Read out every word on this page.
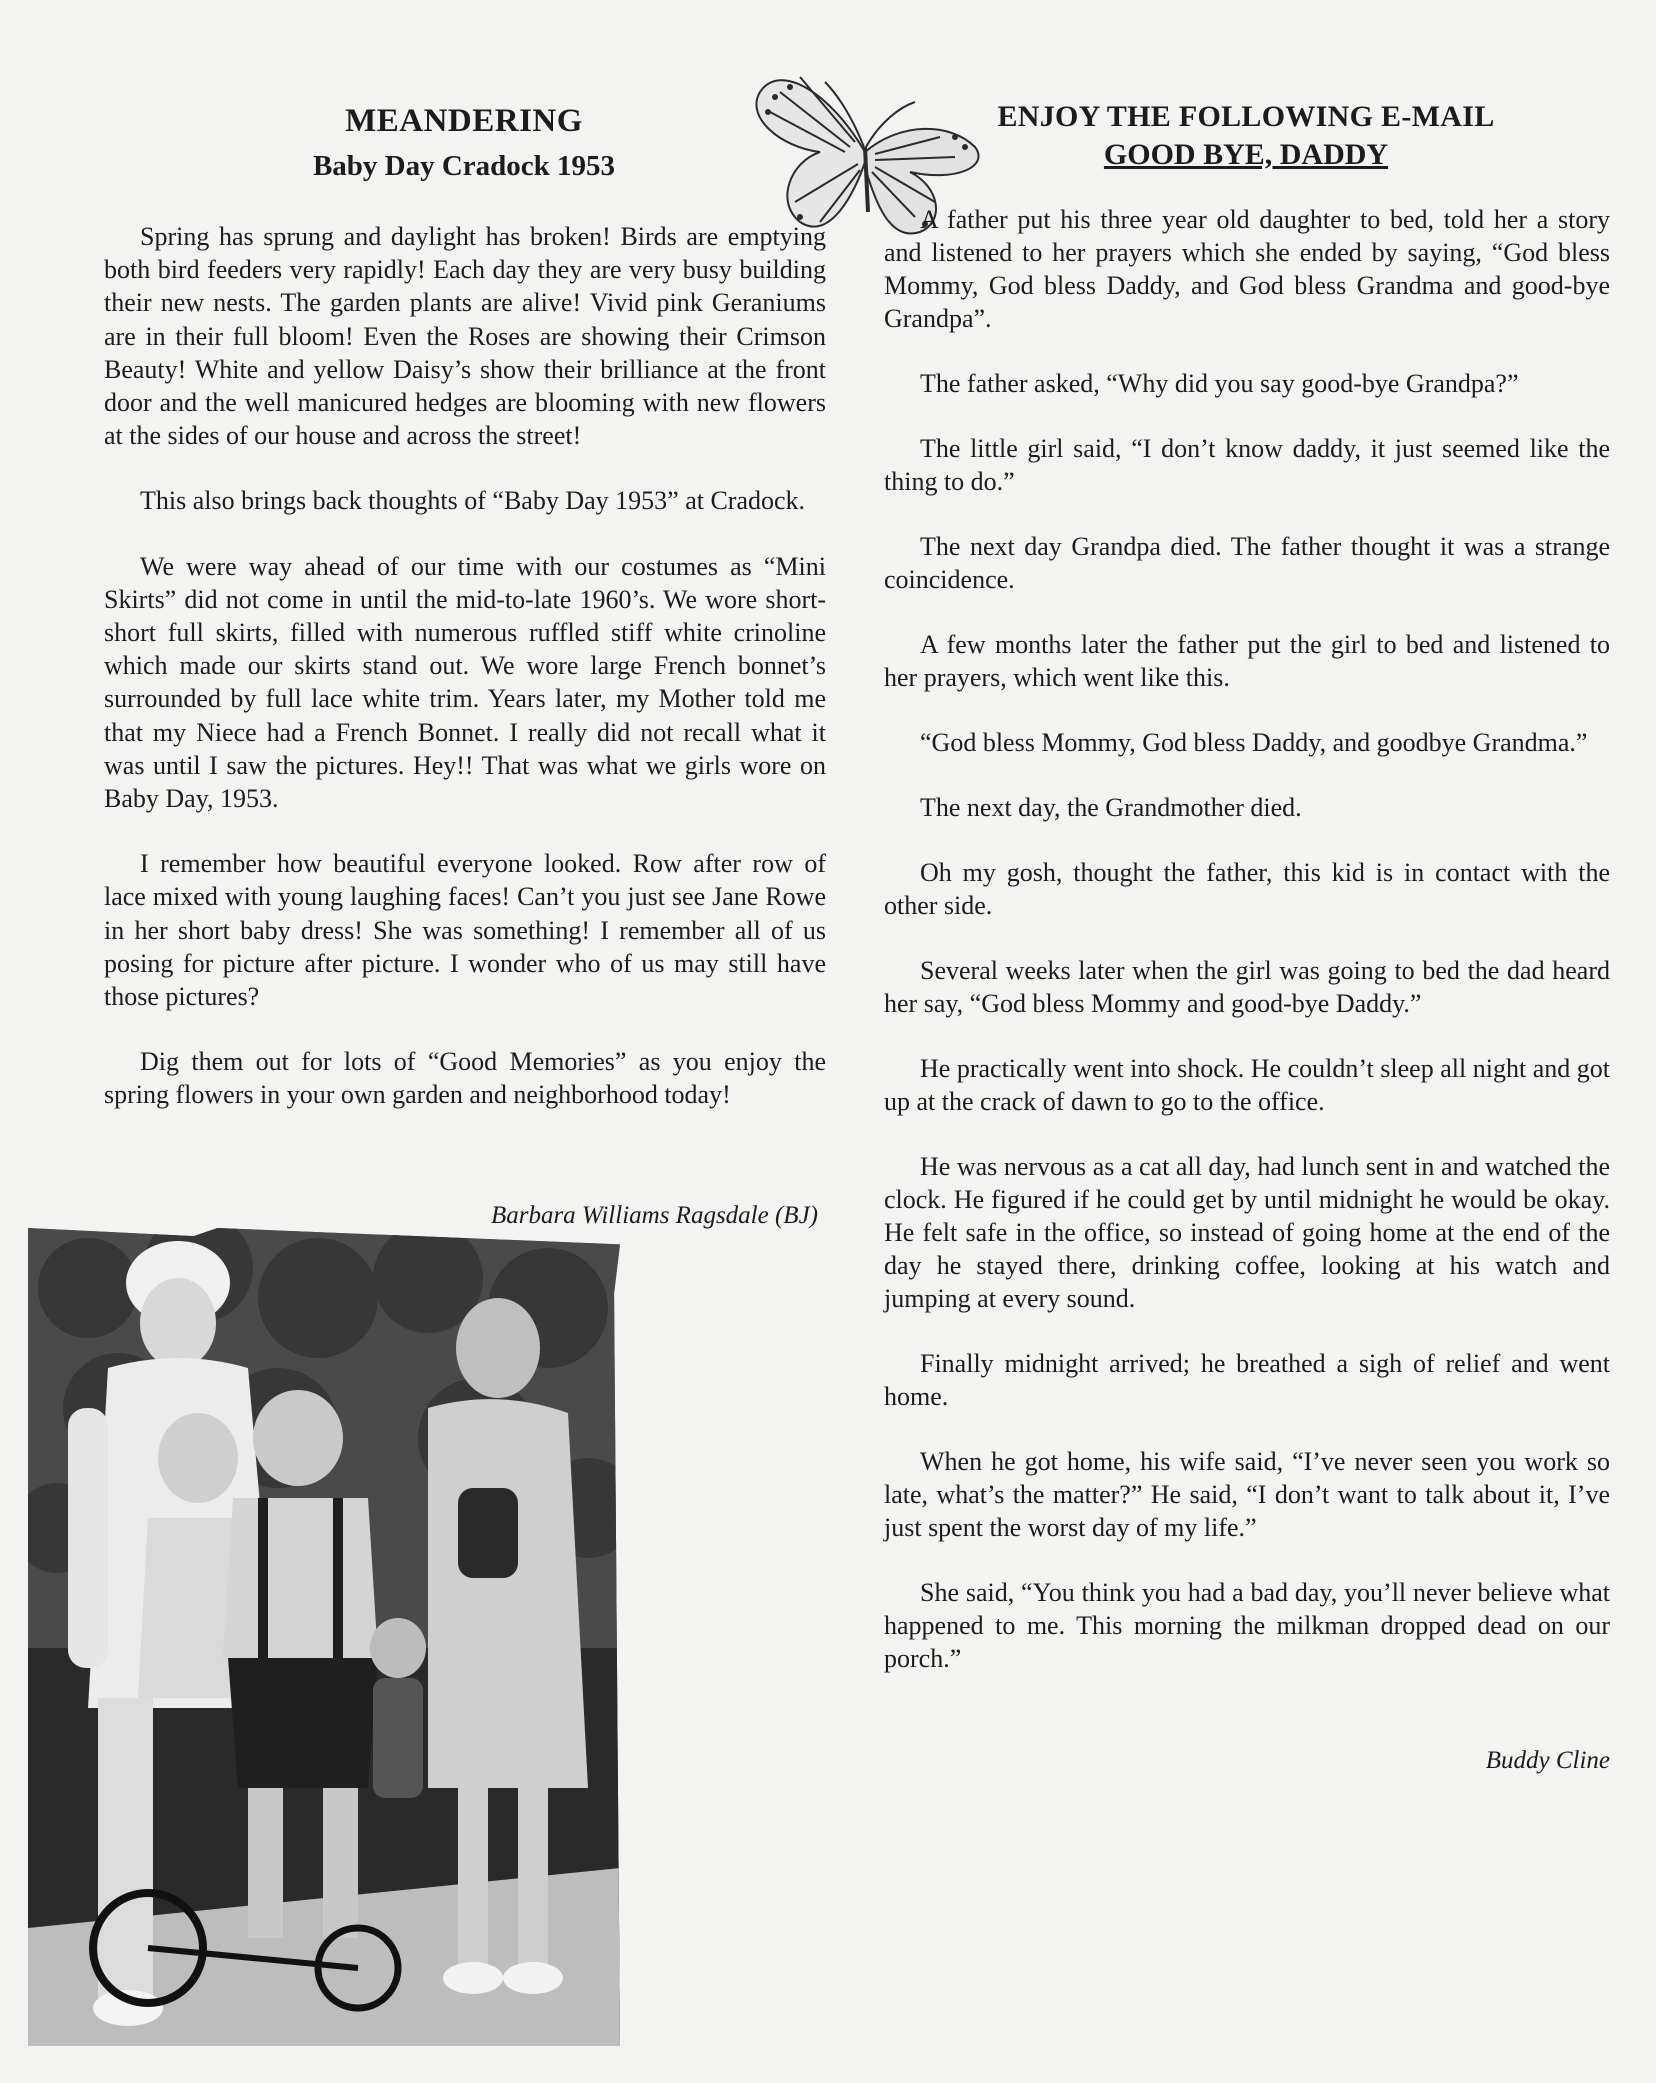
MEANDERING
Baby Day Cradock 1953

Spring has sprung and daylight has broken! Birds are emptying both bird feeders very rapidly! Each day they are very busy building their new nests. The garden plants are alive! Vivid pink Geraniums are in their full bloom! Even the Roses are showing their Crimson Beauty! White and yellow Daisy’s show their brilliance at the front door and the well manicured hedges are blooming with new flowers at the sides of our house and across the street!

This also brings back thoughts of “Baby Day 1953” at Cradock.

We were way ahead of our time with our costumes as “Mini Skirts” did not come in until the mid-to-late 1960’s. We wore short-short full skirts, filled with numerous ruffled stiff white crinoline which made our skirts stand out. We wore large French bonnet’s surrounded by full lace white trim. Years later, my Mother told me that my Niece had a French Bonnet. I really did not recall what it was until I saw the pictures. Hey!! That was what we girls wore on Baby Day, 1953.

I remember how beautiful everyone looked. Row after row of lace mixed with young laughing faces! Can’t you just see Jane Rowe in her short baby dress! She was something! I remember all of us posing for picture after picture. I wonder who of us may still have those pictures?

Dig them out for lots of “Good Memories” as you enjoy the spring flowers in your own garden and neighborhood today!

Barbara Williams Ragsdale (BJ)

ENJOY THE FOLLOWING E-MAIL
GOOD BYE, DADDY

A father put his three year old daughter to bed, told her a story and listened to her prayers which she ended by saying, “God bless Mommy, God bless Daddy, and God bless Grandma and good-bye Grandpa”.

The father asked, “Why did you say good-bye Grandpa?”

The little girl said, “I don’t know daddy, it just seemed like the thing to do.”

The next day Grandpa died. The father thought it was a strange coincidence.

A few months later the father put the girl to bed and listened to her prayers, which went like this.

“God bless Mommy, God bless Daddy, and goodbye Grandma.”

The next day, the Grandmother died.

Oh my gosh, thought the father, this kid is in contact with the other side.

Several weeks later when the girl was going to bed the dad heard her say, “God bless Mommy and good-bye Daddy.”

He practically went into shock. He couldn’t sleep all night and got up at the crack of dawn to go to the office.

He was nervous as a cat all day, had lunch sent in and watched the clock. He figured if he could get by until midnight he would be okay. He felt safe in the office, so instead of going home at the end of the day he stayed there, drinking coffee, looking at his watch and jumping at every sound.

Finally midnight arrived; he breathed a sigh of relief and went home.

When he got home, his wife said, “I’ve never seen you work so late, what’s the matter?” He said, “I don’t want to talk about it, I’ve just spent the worst day of my life.”

She said, “You think you had a bad day, you’ll never believe what happened to me. This morning the milkman dropped dead on our porch.”

Buddy Cline
